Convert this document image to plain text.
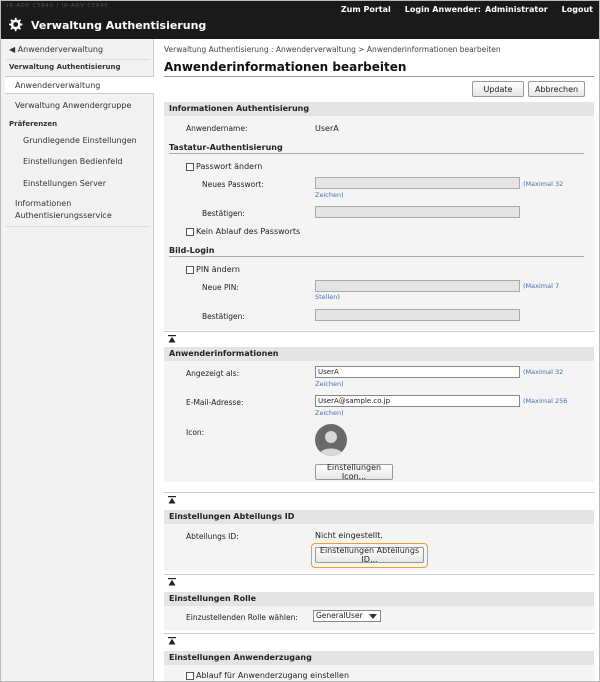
IR-ADV C5840 / IR-ADV C5840
Verwaltung Authentisierung
Zum Portal Login Anwender: Administrator Logout
◀ Anwenderverwaltung
Verwaltung Authentisierung
Anwenderverwaltung
Verwaltung Anwendergruppe
Präferenzen
Grundlegende Einstellungen
Einstellungen Bedienfeld
Einstellungen Server
Informationen
Authentisierungsservice
Verwaltung Authentisierung : Anwenderverwaltung > Anwenderinformationen bearbeiten
Anwenderinformationen bearbeiten
Update	Abbrechen
Informationen Authentisierung
Anwendername:	UserA
Tastatur-Authentisierung
Passwort ändern
Neues Passwort:	(Maximal 32
Zeichen)
Bestätigen:
Kein Ablauf des Passworts
Bild-Login
PIN ändern
Neue PIN:	(Maximal 7
Stellen)
Bestätigen:
Anwenderinformationen
Angezeigt als:	UserA	(Maximal 32
Zeichen)
E-Mail-Adresse:	UserA@sample.co.jp	(Maximal 256
Zeichen)
Icon:
Einstellungen Icon...
Einstellungen Abteilungs ID
Abteilungs ID:	Nicht eingestellt.
Einstellungen Abteilungs ID...
Einstellungen Rolle
Einzustellenden Rolle wählen:	GeneralUser
Einstellungen Anwenderzugang
Ablauf für Anwenderzugang einstellen
